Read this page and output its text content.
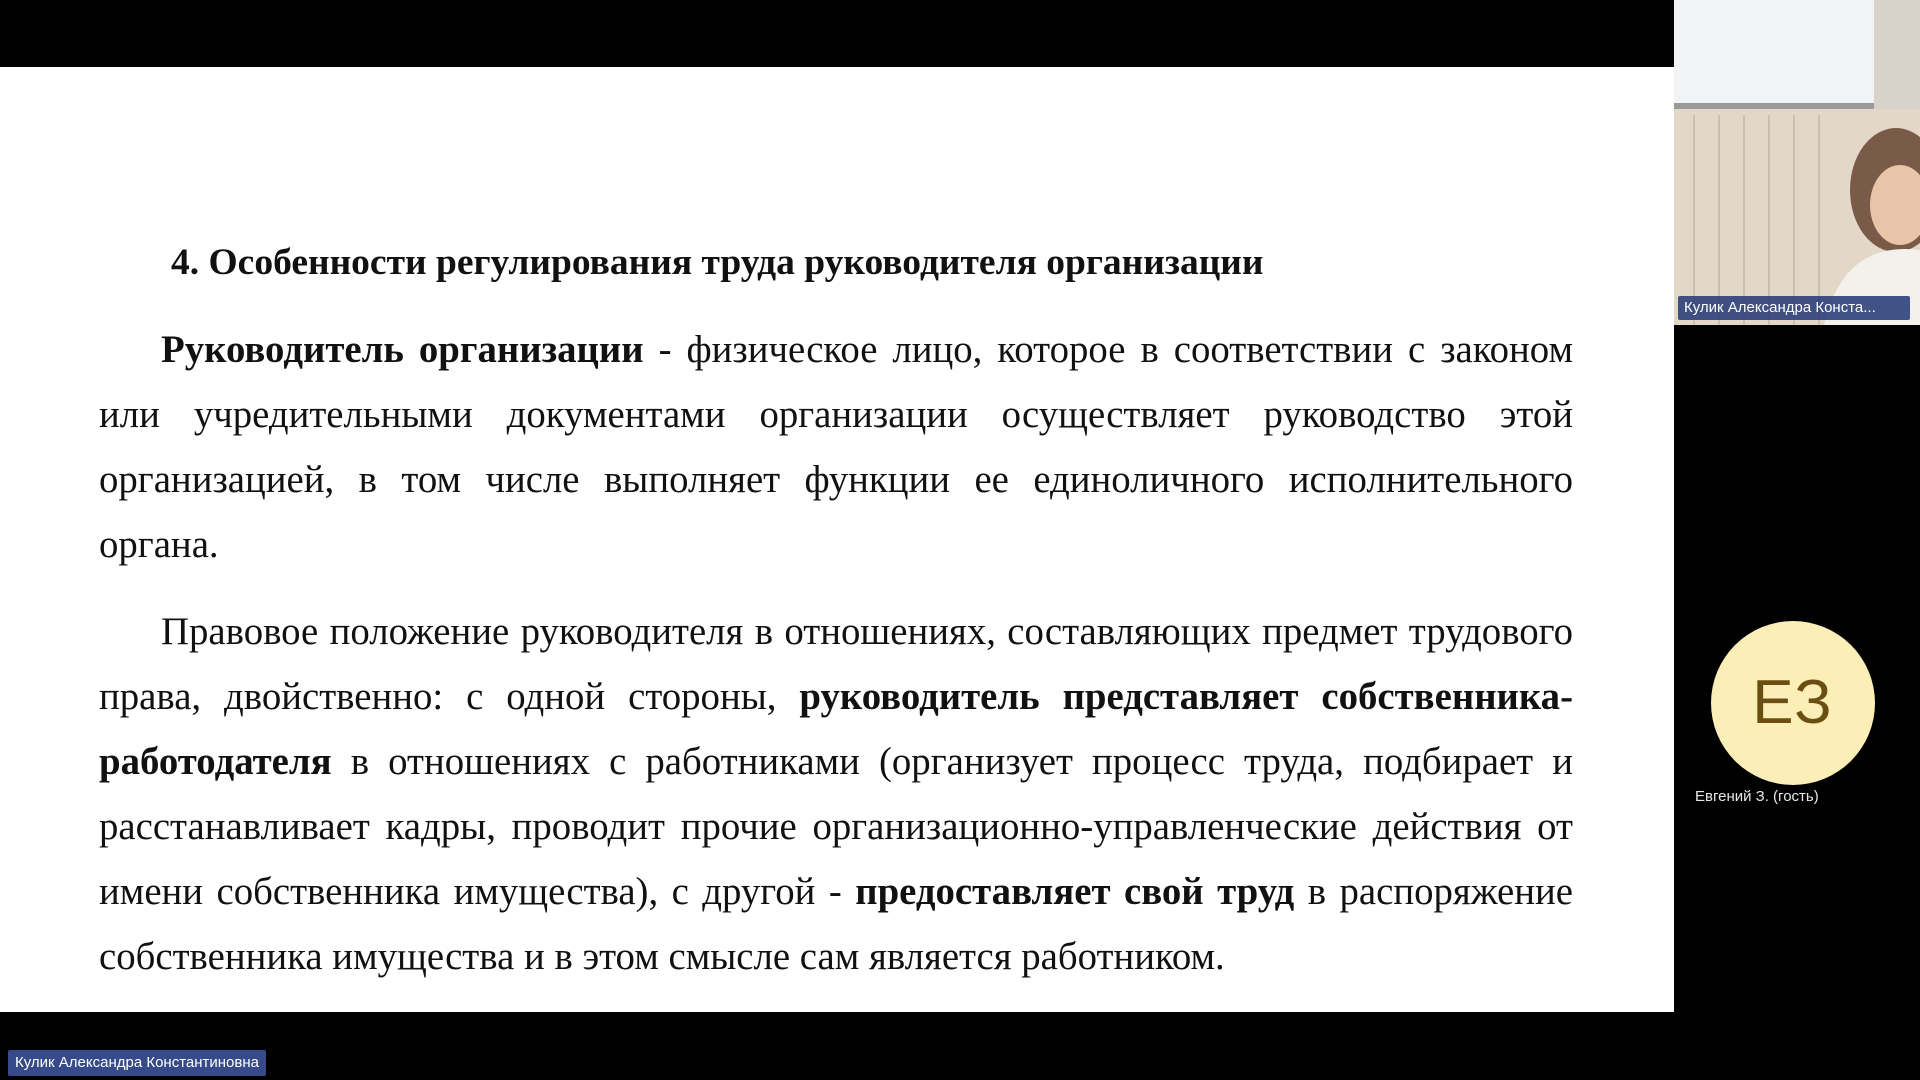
4. Особенности регулирования труда руководителя организации

Руководитель организации - физическое лицо, которое в соответствии с законом или учредительными документами организации осуществляет руководство этой организацией, в том числе выполняет функции ее единоличного исполнительного органа.

Правовое положение руководителя в отношениях, составляющих предмет трудового права, двойственно: с одной стороны, руководитель представляет собственника-работодателя в отношениях с работниками (организует процесс труда, подбирает и расстанавливает кадры, проводит прочие организационно-управленческие действия от имени собственника имущества), с другой - предоставляет свой труд в распоряжение собственника имущества и в этом смысле сам является работником.

Кулик Александра Конста...
ЕЗ
Евгений З. (гость)
Кулик Александра Константиновна
